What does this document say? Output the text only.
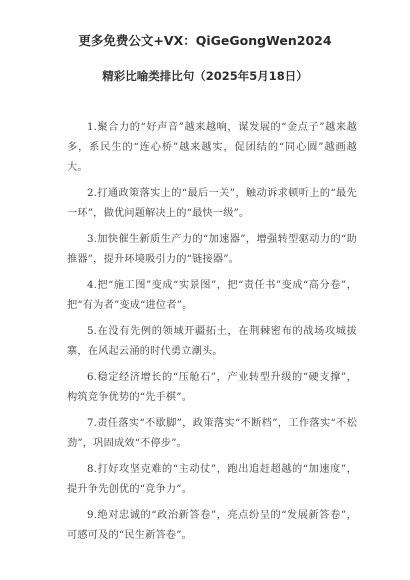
更多免费公文+VX：QiGeGongWen2024
精彩比喻类排比句（2025年5月18日）

1.聚合力的“好声音”越来越响，谋发展的“金点子”越来越多，系民生的“连心桥”越来越实，促团结的“同心圆”越画越大。

2.打通政策落实上的“最后一关”，触动诉求顿听上的“最先一环”，做优问题解决上的“最快一级”。

3.加快催生新质生产力的“加速器”，增强转型驱动力的“助推器”，提升环境吸引力的“链接器”。

4.把“施工图”变成“实景图”，把“责任书”变成“高分卷”，把“有为者”变成“进位者”。

5.在没有先例的领域开疆拓土，在荆棘密布的战场攻城拔寨，在风起云涌的时代勇立潮头。

6.稳定经济增长的“压舱石”，产业转型升级的“硬支撑”，构筑竞争优势的“先手棋”。

7.责任落实“不歇脚”，政策落实“不断档”，工作落实“不松劲”，巩固成效“不停步”。

8.打好攻坚克难的“主动仗”，跑出追赶超越的“加速度”，提升争先创优的“竞争力”。

9.绝对忠诚的“政治新答卷”，亮点纷呈的“发展新答卷”，可感可及的“民生新答卷”。
